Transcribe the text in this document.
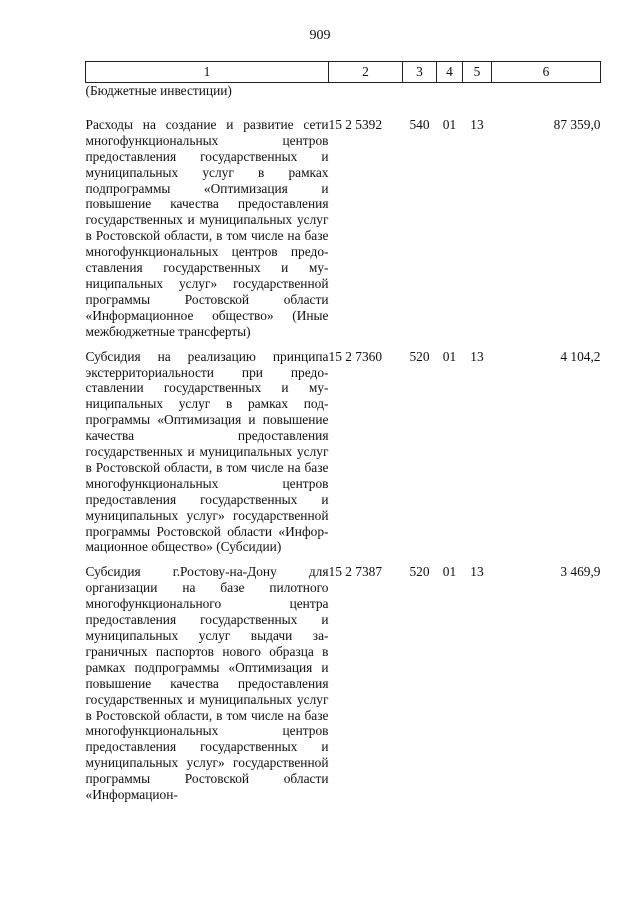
909
1	2	3	4	5	6
(Бюджетные инвестиции)					
Расходы на создание и развитие сети многофункциональных центров предоставления государственных и муниципальных услуг в рамках подпрограммы «Оптимизация и повышение качества предоставления государственных и муниципальных услуг в Ростовской области, в том числе на базе многофункциональных центров предоставления государственных и муниципальных услуг» государственной программы Ростовской области «Информационное общество» (Иные межбюджетные трансферты)	15 2 5392	540	01	13	87 359,0
Субсидия на реализацию принципа экстерриториальности при предоставлении государственных и муниципальных услуг в рамках подпрограммы «Оптимизация и повышение качества предоставления государственных и муниципальных услуг в Ростовской области, в том числе на базе многофункциональных центров предоставления государственных и муниципальных услуг» государственной программы Ростовской области «Информационное общество» (Субсидии)	15 2 7360	520	01	13	4 104,2
Субсидия г.Ростову-на-Дону для организации на базе пилотного многофункционального центра предоставления государственных и муниципальных услуг выдачи заграничных паспортов нового образца в рамках подпрограммы «Оптимизация и повышение качества предоставления государственных и муниципальных услуг в Ростовской области, в том числе на базе многофункциональных центров предоставления государственных и муниципальных услуг» государственной программы Ростовской области «Информацион-	15 2 7387	520	01	13	3 469,9
